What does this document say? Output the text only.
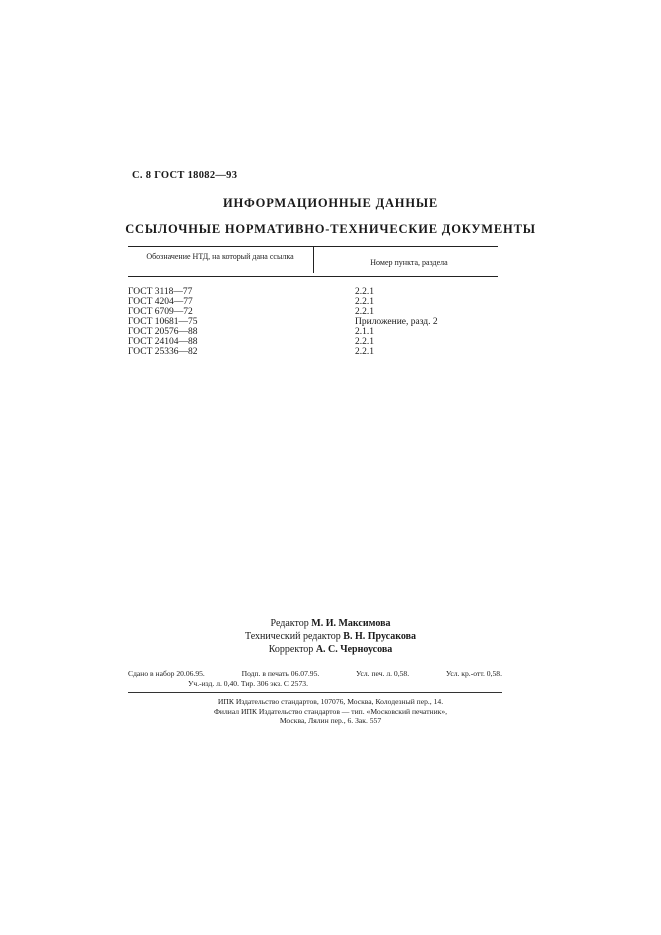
С. 8 ГОСТ 18082—93
ИНФОРМАЦИОННЫЕ ДАННЫЕ
ССЫЛОЧНЫЕ НОРМАТИВНО-ТЕХНИЧЕСКИЕ ДОКУМЕНТЫ
Обозначение НТД, на который дана ссылка
Номер пункта, раздела
ГОСТ 3118—77	2.2.1
ГОСТ 4204—77	2.2.1
ГОСТ 6709—72	2.2.1
ГОСТ 10681—75	Приложение, разд. 2
ГОСТ 20576—88	2.1.1
ГОСТ 24104—88	2.2.1
ГОСТ 25336—82	2.2.1
Редактор М. И. Максимова
Технический редактор В. Н. Прусакова
Корректор А. С. Черноусова
Сдано в набор 20.06.95.	Подп. в печать 06.07.95.	Усл. печ. л. 0,58.	Усл. кр.-отт. 0,58.
Уч.-изд. л. 0,40. Тир. 306 экз. С 2573.
ИПК Издательство стандартов, 107076, Москва, Колодезный пер., 14.
Филиал ИПК Издательство стандартов — тип. «Московский печатник»,
Москва, Лялин пер., 6. Зак. 557
